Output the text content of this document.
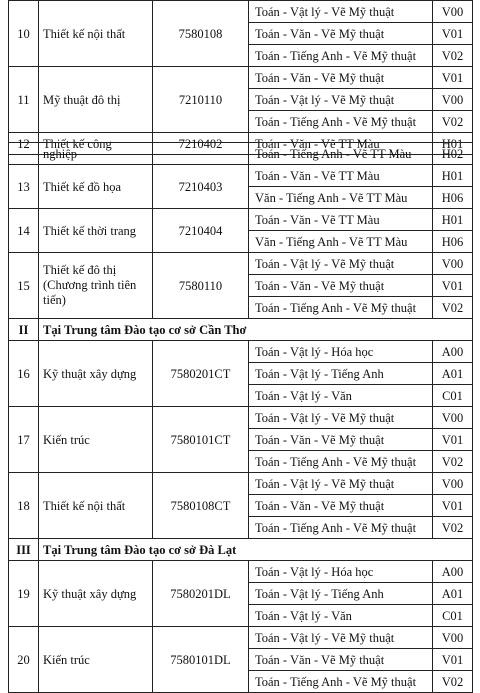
10	Thiết kế nội thất	7580108	Toán - Vật lý - Vẽ Mỹ thuật	V00
			Toán - Văn - Vẽ Mỹ thuật	V01
			Toán - Tiếng Anh - Vẽ Mỹ thuật	V02
11	Mỹ thuật đô thị	7210110	Toán - Văn - Vẽ Mỹ thuật	V01
			Toán - Vật lý - Vẽ Mỹ thuật	V00
			Toán - Tiếng Anh - Vẽ Mỹ thuật	V02
12	Thiết kế công	7210402	Toán - Văn - Vẽ TT Màu	H01
	nghiệp		Toán - Tiếng Anh - Vẽ TT Màu	H02
13	Thiết kế đồ họa	7210403	Toán - Văn - Vẽ TT Màu	H01
			Văn - Tiếng Anh - Vẽ TT Màu	H06
14	Thiết kế thời trang	7210404	Toán - Văn - Vẽ TT Màu	H01
			Văn - Tiếng Anh - Vẽ TT Màu	H06
15	Thiết kế đô thị (Chương trình tiên tiến)	7580110	Toán - Vật lý - Vẽ Mỹ thuật	V00
			Toán - Văn - Vẽ Mỹ thuật	V01
			Toán - Tiếng Anh - Vẽ Mỹ thuật	V02
II	Tại Trung tâm Đào tạo cơ sở Cần Thơ			
16	Kỹ thuật xây dựng	7580201CT	Toán - Vật lý - Hóa học	A00
			Toán - Vật lý - Tiếng Anh	A01
			Toán - Vật lý - Văn	C01
17	Kiến trúc	7580101CT	Toán - Vật lý - Vẽ Mỹ thuật	V00
			Toán - Văn - Vẽ Mỹ thuật	V01
			Toán - Tiếng Anh - Vẽ Mỹ thuật	V02
18	Thiết kế nội thất	7580108CT	Toán - Vật lý - Vẽ Mỹ thuật	V00
			Toán - Văn - Vẽ Mỹ thuật	V01
			Toán - Tiếng Anh - Vẽ Mỹ thuật	V02
III	Tại Trung tâm Đào tạo cơ sở Đà Lạt			
19	Kỹ thuật xây dựng	7580201DL	Toán - Vật lý - Hóa học	A00
			Toán - Vật lý - Tiếng Anh	A01
			Toán - Vật lý - Văn	C01
20	Kiến trúc	7580101DL	Toán - Vật lý - Vẽ Mỹ thuật	V00
			Toán - Văn - Vẽ Mỹ thuật	V01
			Toán - Tiếng Anh - Vẽ Mỹ thuật	V02
